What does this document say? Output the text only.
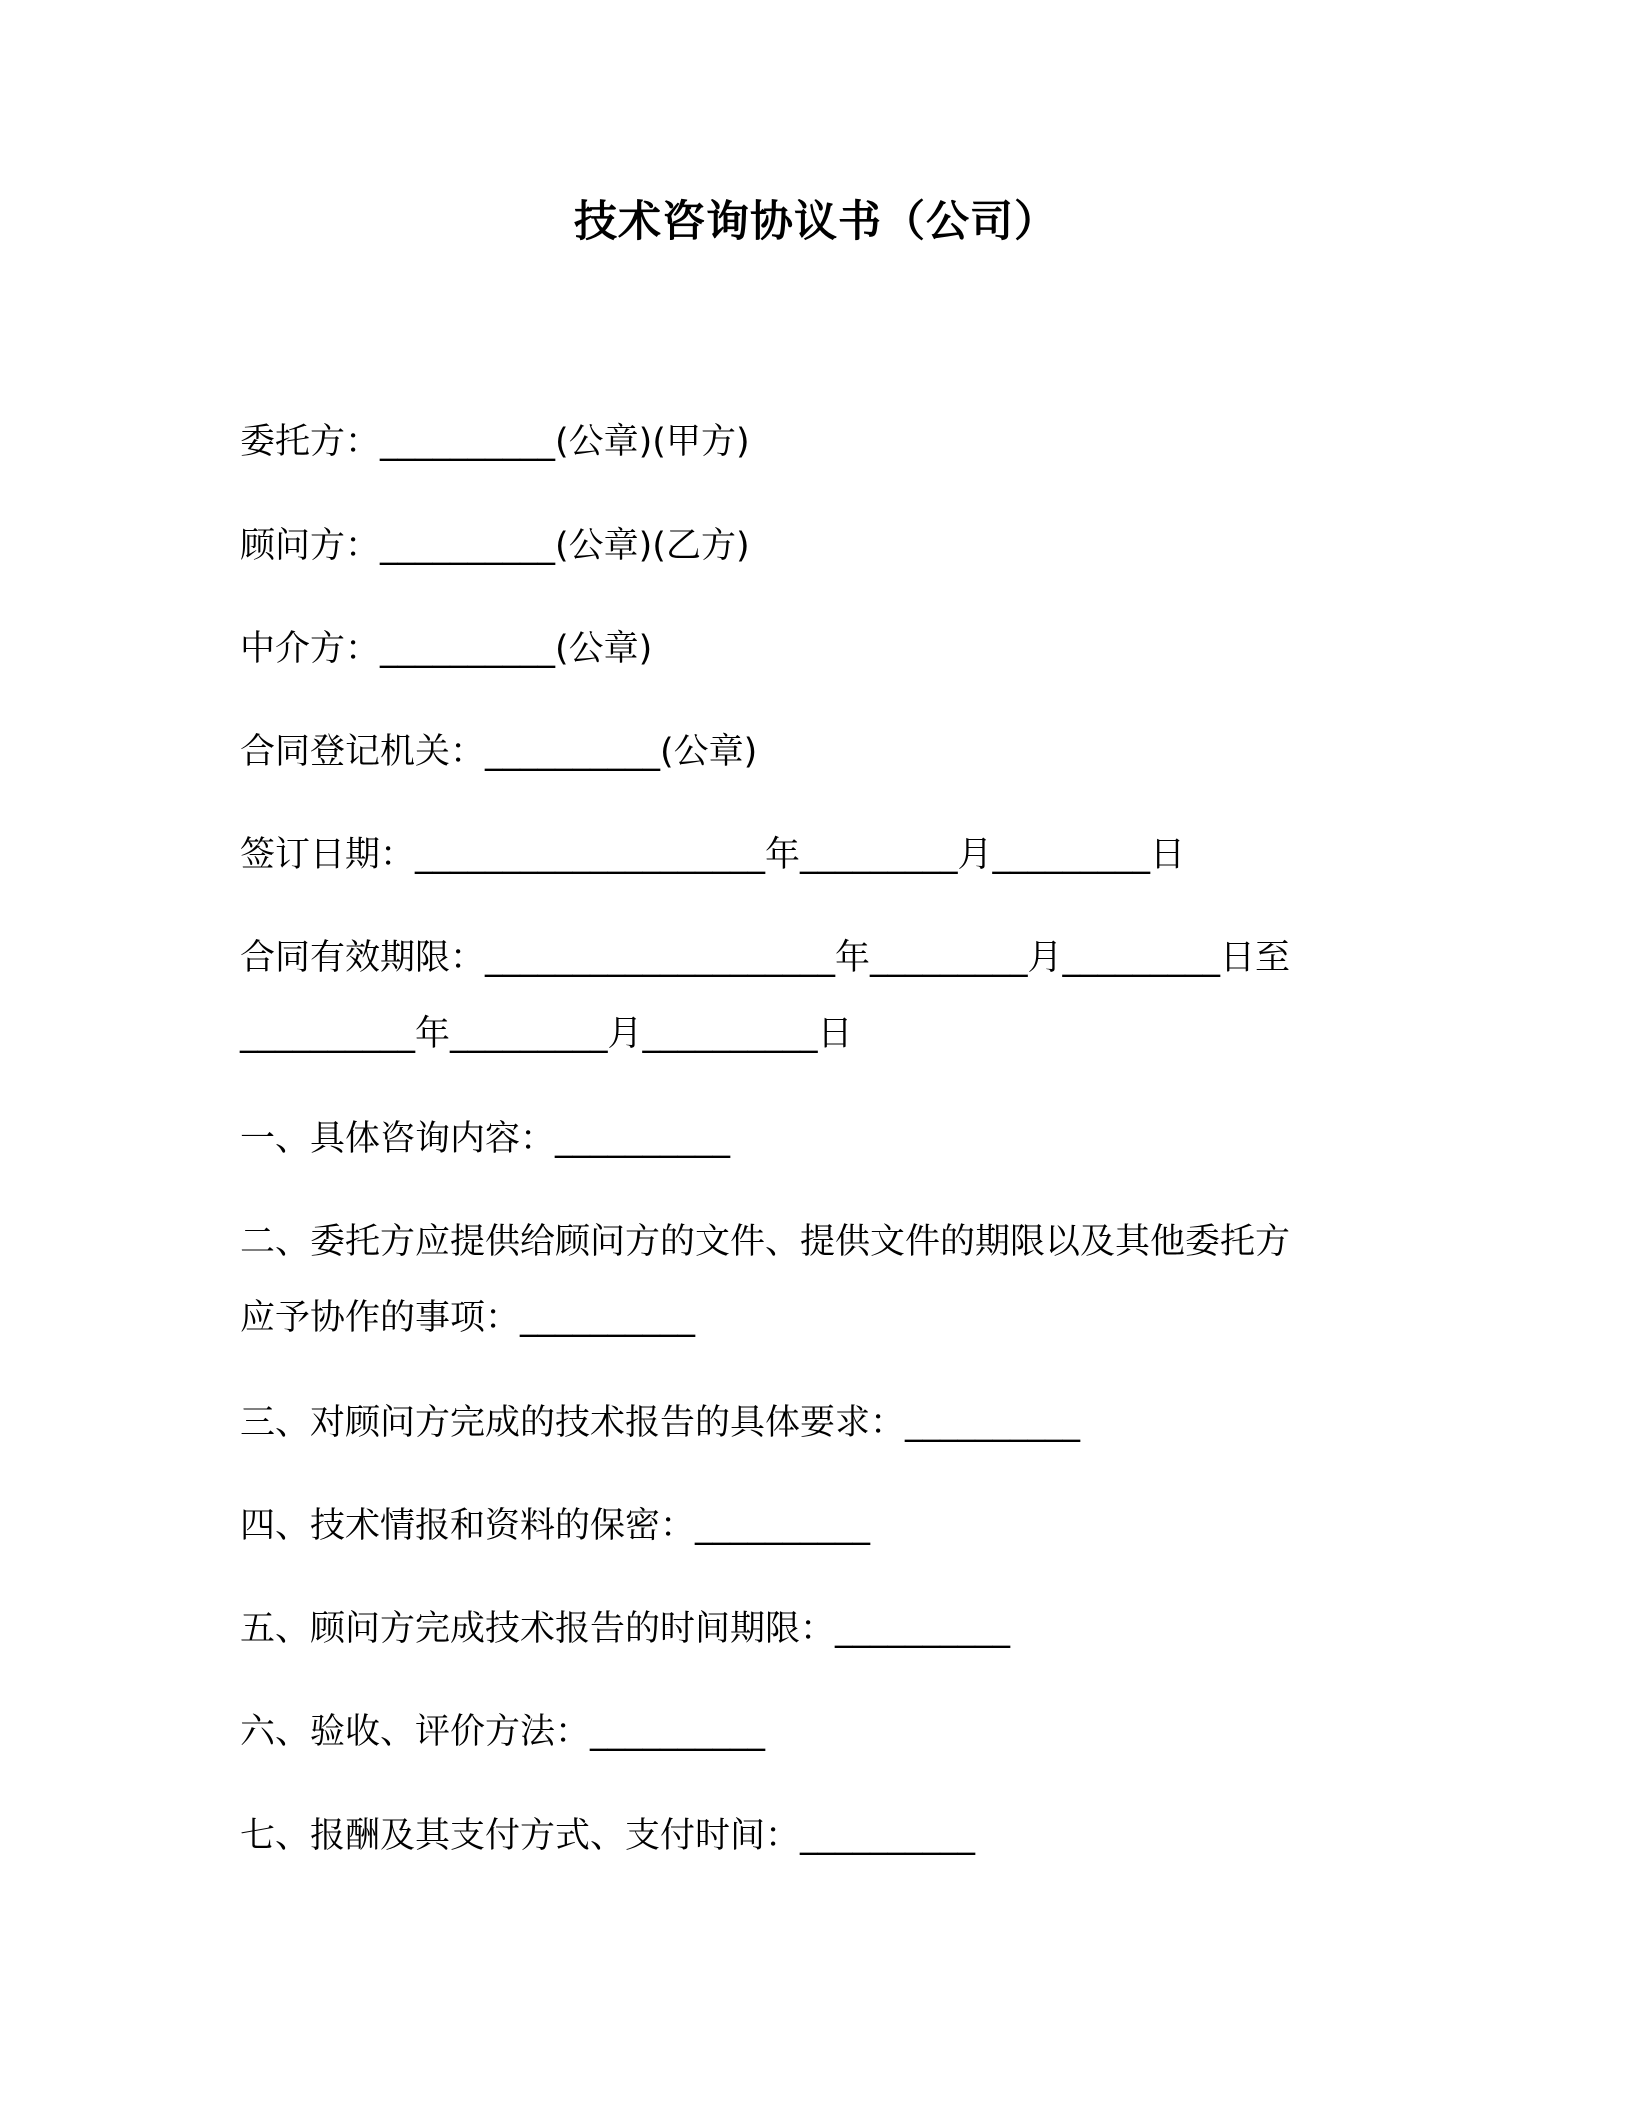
技术咨询协议书（公司）
委托方：__________(公章)(甲方)
顾问方：__________(公章)(乙方)
中介方：__________(公章)
合同登记机关：__________(公章)
签订日期：____________________年_________月_________日
合同有效期限：____________________年_________月_________日至
__________年_________月__________日
一、具体咨询内容：__________
二、委托方应提供给顾问方的文件、提供文件的期限以及其他委托方
应予协作的事项：__________
三、对顾问方完成的技术报告的具体要求：__________
四、技术情报和资料的保密：__________
五、顾问方完成技术报告的时间期限：__________
六、验收、评价方法：__________
七、报酬及其支付方式、支付时间：__________
